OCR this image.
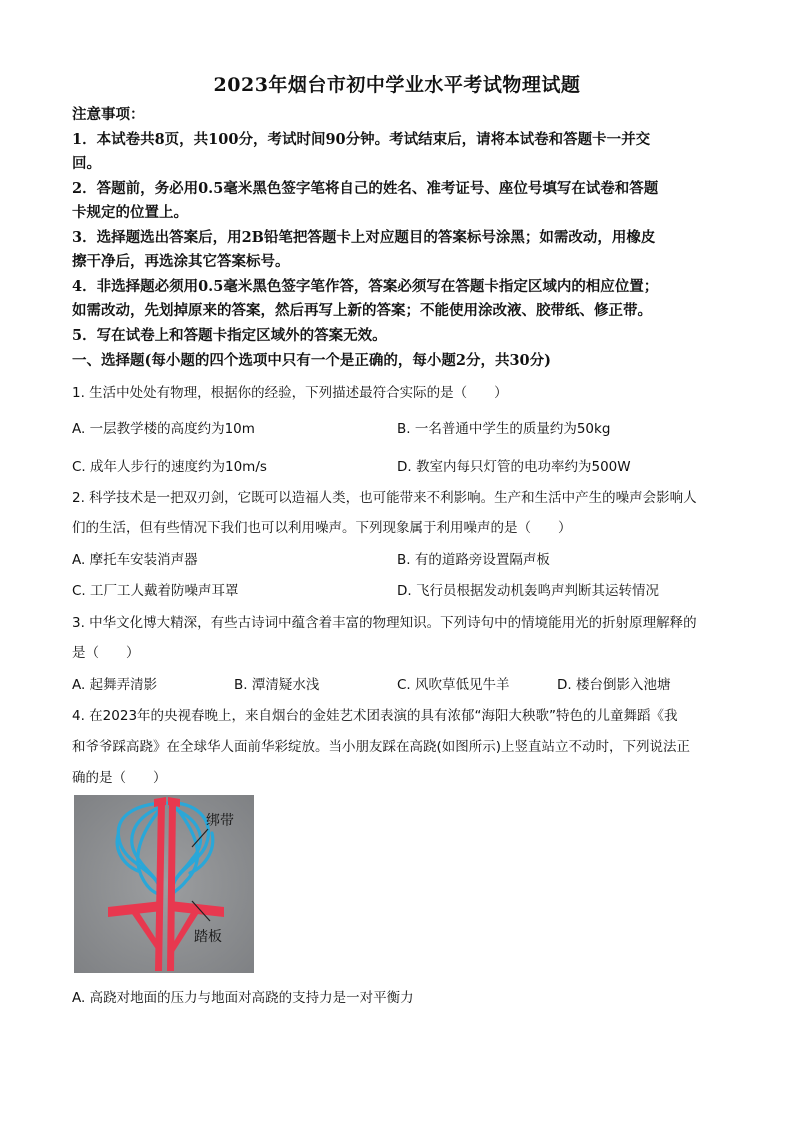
2023年烟台市初中学业水平考试物理试题
注意事项：
1．本试卷共8页，共100分，考试时间90分钟。考试结束后，请将本试卷和答题卡一并交
回。
2．答题前，务必用0.5毫米黑色签字笔将自己的姓名、准考证号、座位号填写在试卷和答题
卡规定的位置上。
3．选择题选出答案后，用2B铅笔把答题卡上对应题目的答案标号涂黑；如需改动，用橡皮
擦干净后，再选涂其它答案标号。
4．非选择题必须用0.5毫米黑色签字笔作答，答案必须写在答题卡指定区域内的相应位置；
如需改动，先划掉原来的答案，然后再写上新的答案；不能使用涂改液、胶带纸、修正带。
5．写在试卷上和答题卡指定区域外的答案无效。
一、选择题(每小题的四个选项中只有一个是正确的，每小题2分，共30分)
1. 生活中处处有物理，根据你的经验，下列描述最符合实际的是（　　）
A. 一层教学楼的高度约为10m	B. 一名普通中学生的质量约为50kg
C. 成年人步行的速度约为10m/s	D. 教室内每只灯管的电功率约为500W
2. 科学技术是一把双刃剑，它既可以造福人类，也可能带来不利影响。生产和生活中产生的噪声会影响人
们的生活，但有些情况下我们也可以利用噪声。下列现象属于利用噪声的是（　　）
A. 摩托车安装消声器	B. 有的道路旁设置隔声板
C. 工厂工人戴着防噪声耳罩	D. 飞行员根据发动机轰鸣声判断其运转情况
3. 中华文化博大精深，有些古诗词中蕴含着丰富的物理知识。下列诗句中的情境能用光的折射原理解释的
是（　　）
A. 起舞弄清影	B. 潭清疑水浅	C. 风吹草低见牛羊	D. 楼台倒影入池塘
4. 在2023年的央视春晚上，来自烟台的金娃艺术团表演的具有浓郁“海阳大秧歌”特色的儿童舞蹈《我
和爷爷踩高跷》在全球华人面前华彩绽放。当小朋友踩在高跷(如图所示)上竖直站立不动时，下列说法正
确的是（　　）
绑带
踏板
A. 高跷对地面的压力与地面对高跷的支持力是一对平衡力
